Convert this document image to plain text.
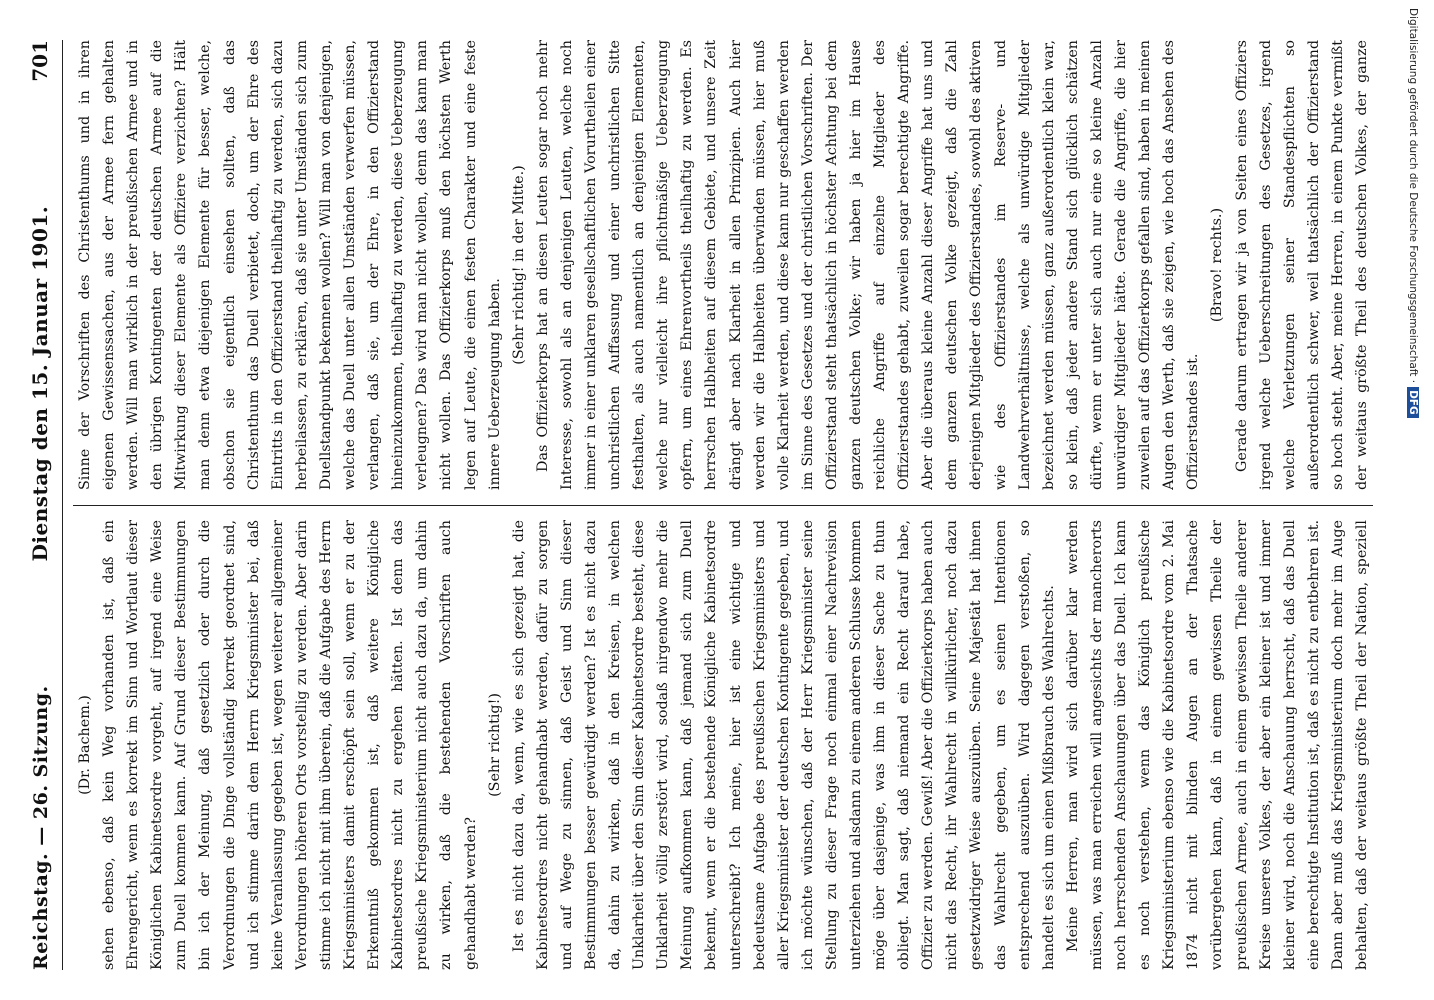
Reichstag. — 26. Sitzung.
Dienstag den 15. Januar 1901.
701

(Dr. Bachem.) sehen ebenso, daß kein Weg vorhanden ist, daß ein Ehrengericht, wenn es korrekt im Sinn und Wortlaut dieser Königlichen Kabinetsordre vorgeht, auf irgend eine Weise zum Duell kommen kann. Auf Grund dieser Bestimmungen bin ich der Meinung, daß gesetzlich oder durch die Verordnungen die Dinge vollständig korrekt geordnet sind, und ich stimme darin dem Herrn Kriegsminister bei, daß keine Veranlassung gegeben ist, wegen weiterer allgemeiner Verordnungen höheren Orts vorstellig zu werden. Aber darin stimme ich nicht mit ihm überein, daß die Aufgabe des Herrn Kriegsministers damit erschöpft sein soll, wenn er zu der Erkenntniß gekommen ist, daß weitere Königliche Kabinetsordres nicht zu ergehen hätten. Ist denn das preußische Kriegsministerium nicht auch dazu da, um dahin zu wirken, daß die bestehenden Vorschriften auch gehandhabt werden?

(Sehr richtig!) Ist es nicht dazu da, wenn, wie es sich gezeigt hat, die Kabinetsordres nicht gehandhabt werden, dafür zu sorgen und auf Wege zu sinnen, daß Geist und Sinn dieser Bestimmungen besser gewürdigt werden? Ist es nicht dazu da, dahin zu wirken, daß in den Kreisen, in welchen Unklarheit über den Sinn dieser Kabinetsordre besteht, diese Unklarheit völlig zerstört wird, sodaß nirgendwo mehr die Meinung aufkommen kann, daß jemand sich zum Duell bekennt, wenn er die bestehende Königliche Kabinetsordre unterschreibt? Ich meine, hier ist eine wichtige und bedeutsame Aufgabe des preußischen Kriegsministers und aller Kriegsminister der deutschen Kontingente gegeben, und ich möchte wünschen, daß der Herr Kriegsminister seine Stellung zu dieser Frage noch einmal einer Nachrevision unterziehen und alsdann zu einem anderen Schlusse kommen möge über dasjenige, was ihm in dieser Sache zu thun obliegt. Man sagt, daß niemand ein Recht darauf habe, Offizier zu werden. Gewiß! Aber die Offizierkorps haben auch nicht das Recht, ihr Wahlrecht in willkürlicher, noch dazu gesetzwidriger Weise auszuüben. Seine Majestät hat ihnen das Wahlrecht gegeben, um es seinen Intentionen entsprechend auszuüben. Wird dagegen verstoßen, so handelt es sich um einen Mißbrauch des Wahlrechts. Meine Herren, man wird sich darüber klar werden müssen, was man erreichen will angesichts der mancherorts noch herrschenden Anschauungen über das Duell. Ich kann es noch verstehen, wenn das Königlich preußische Kriegsministerium ebenso wie die Kabinetsordre vom 2. Mai 1874 nicht mit blinden Augen an der Thatsache vorübergehen kann, daß in einem gewissen Theile der preußischen Armee, auch in einem gewissen Theile anderer Kreise unseres Volkes, der aber ein kleiner ist und immer kleiner wird, noch die Anschauung herrscht, daß das Duell eine berechtigte Institution ist, daß es nicht zu entbehren ist. Dann aber muß das Kriegsministerium doch mehr im Auge behalten, daß der weitaus größte Theil der Nation, speziell

Sinne der Vorschriften des Christenthums und in ihren eigenen Gewissenssachen, aus der Armee fern gehalten werden. Will man wirklich in der preußischen Armee und in den übrigen Kontingenten der deutschen Armee auf die Mitwirkung dieser Elemente als Offiziere verzichten? Hält man denn etwa diejenigen Elemente für besser, welche, obschon sie eigentlich einsehen sollten, daß das Christenthum das Duell verbietet, doch, um der Ehre des Eintritts in den Offizierstand theilhaftig zu werden, sich dazu herbeilassen, zu erklären, daß sie unter Umständen sich zum Duellstandpunkt bekennen wollen? Will man von denjenigen, welche das Duell unter allen Umständen verwerfen müssen, verlangen, daß sie, um der Ehre, in den Offizierstand hineinzukommen, theilhaftig zu werden, diese Ueberzeugung verleugnen? Das wird man nicht wollen, denn das kann man nicht wollen. Das Offizierkorps muß den höchsten Werth legen auf Leute, die einen festen Charakter und eine feste innere Ueberzeugung haben.

(Sehr richtig! in der Mitte.) Das Offizierkorps hat an diesen Leuten sogar noch mehr Interesse, sowohl als an denjenigen Leuten, welche noch immer in einer unklaren gesellschaftlichen Vorurtheilen einer unchristlichen Auffassung und einer unchristlichen Sitte festhalten, als auch namentlich an denjenigen Elementen, welche nur vielleicht ihre pflichtmäßige Ueberzeugung opfern, um eines Ehrenvortheils theilhaftig zu werden. Es herrschen Halbheiten auf diesem Gebiete, und unsere Zeit drängt aber nach Klarheit in allen Prinzipien. Auch hier werden wir die Halbheiten überwinden müssen, hier muß volle Klarheit werden, und diese kann nur geschaffen werden im Sinne des Gesetzes und der christlichen Vorschriften. Der Offizierstand steht thatsächlich in höchster Achtung bei dem ganzen deutschen Volke; wir haben ja hier im Hause reichliche Angriffe auf einzelne Mitglieder des Offizierstandes gehabt, zuweilen sogar berechtigte Angriffe. Aber die überaus kleine Anzahl dieser Angriffe hat uns und dem ganzen deutschen Volke gezeigt, daß die Zahl derjenigen Mitglieder des Offizierstandes, sowohl des aktiven wie des Offizierstandes im Reserve- und Landwehrverhältnisse, welche als unwürdige Mitglieder bezeichnet werden müssen, ganz außerordentlich klein war, so klein, daß jeder andere Stand sich glücklich schätzen dürfte, wenn er unter sich auch nur eine so kleine Anzahl unwürdiger Mitglieder hätte. Gerade die Angriffe, die hier zuweilen auf das Offizierkorps gefallen sind, haben in meinen Augen den Werth, daß sie zeigen, wie hoch das Ansehen des Offizierstandes ist.

(Bravo! rechts.)

Gerade darum ertragen wir ja von Seiten eines Offiziers irgend welche Ueberschreitungen des Gesetzes, irgend welche Verletzungen seiner Standespflichten so außerordentlich schwer, weil thatsächlich der Offizierstand so hoch steht. Aber, meine Herren, in einem Punkte vermißt der weitaus größte Theil des deutschen Volkes, der ganze	Digitalisierung gefördert durch die Deutsche Forschungsgemeinschaft ·DFG
